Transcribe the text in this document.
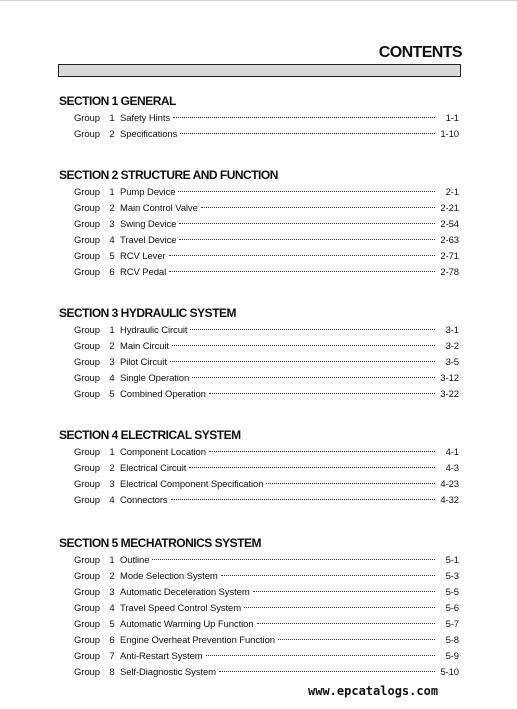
CONTENTS
SECTION 1 GENERAL
Group	1 Safety Hints	1-1
Group	2 Specifications	1-10
SECTION 2 STRUCTURE AND FUNCTION
Group	1 Pump Device	2-1
Group	2 Main Control Valve	2-21
Group	3 Swing Device	2-54
Group	4 Travel Device	2-63
Group	5 RCV Lever	2-71
Group	6 RCV Pedal	2-78
SECTION 3 HYDRAULIC SYSTEM
Group	1 Hydraulic Circuit	3-1
Group	2 Main Circuit	3-2
Group	3 Pilot Circuit	3-5
Group	4 Single Operation	3-12
Group	5 Combined Operation	3-22
SECTION 4 ELECTRICAL SYSTEM
Group	1 Component Location	4-1
Group	2 Electrical Circuit	4-3
Group	3 Electrical Component Specification	4-23
Group	4 Connectors	4-32
SECTION 5 MECHATRONICS SYSTEM
Group	1 Outline	5-1
Group	2 Mode Selection System	5-3
Group	3 Automatic Deceleration System	5-5
Group	4 Travel Speed Control System	5-6
Group	5 Automatic Warming Up Function	5-7
Group	6 Engine Overheat Prevention Function	5-8
Group	7 Anti-Restart System	5-9
Group	8 Self-Diagnostic System	5-10
www.epcatalogs.com
